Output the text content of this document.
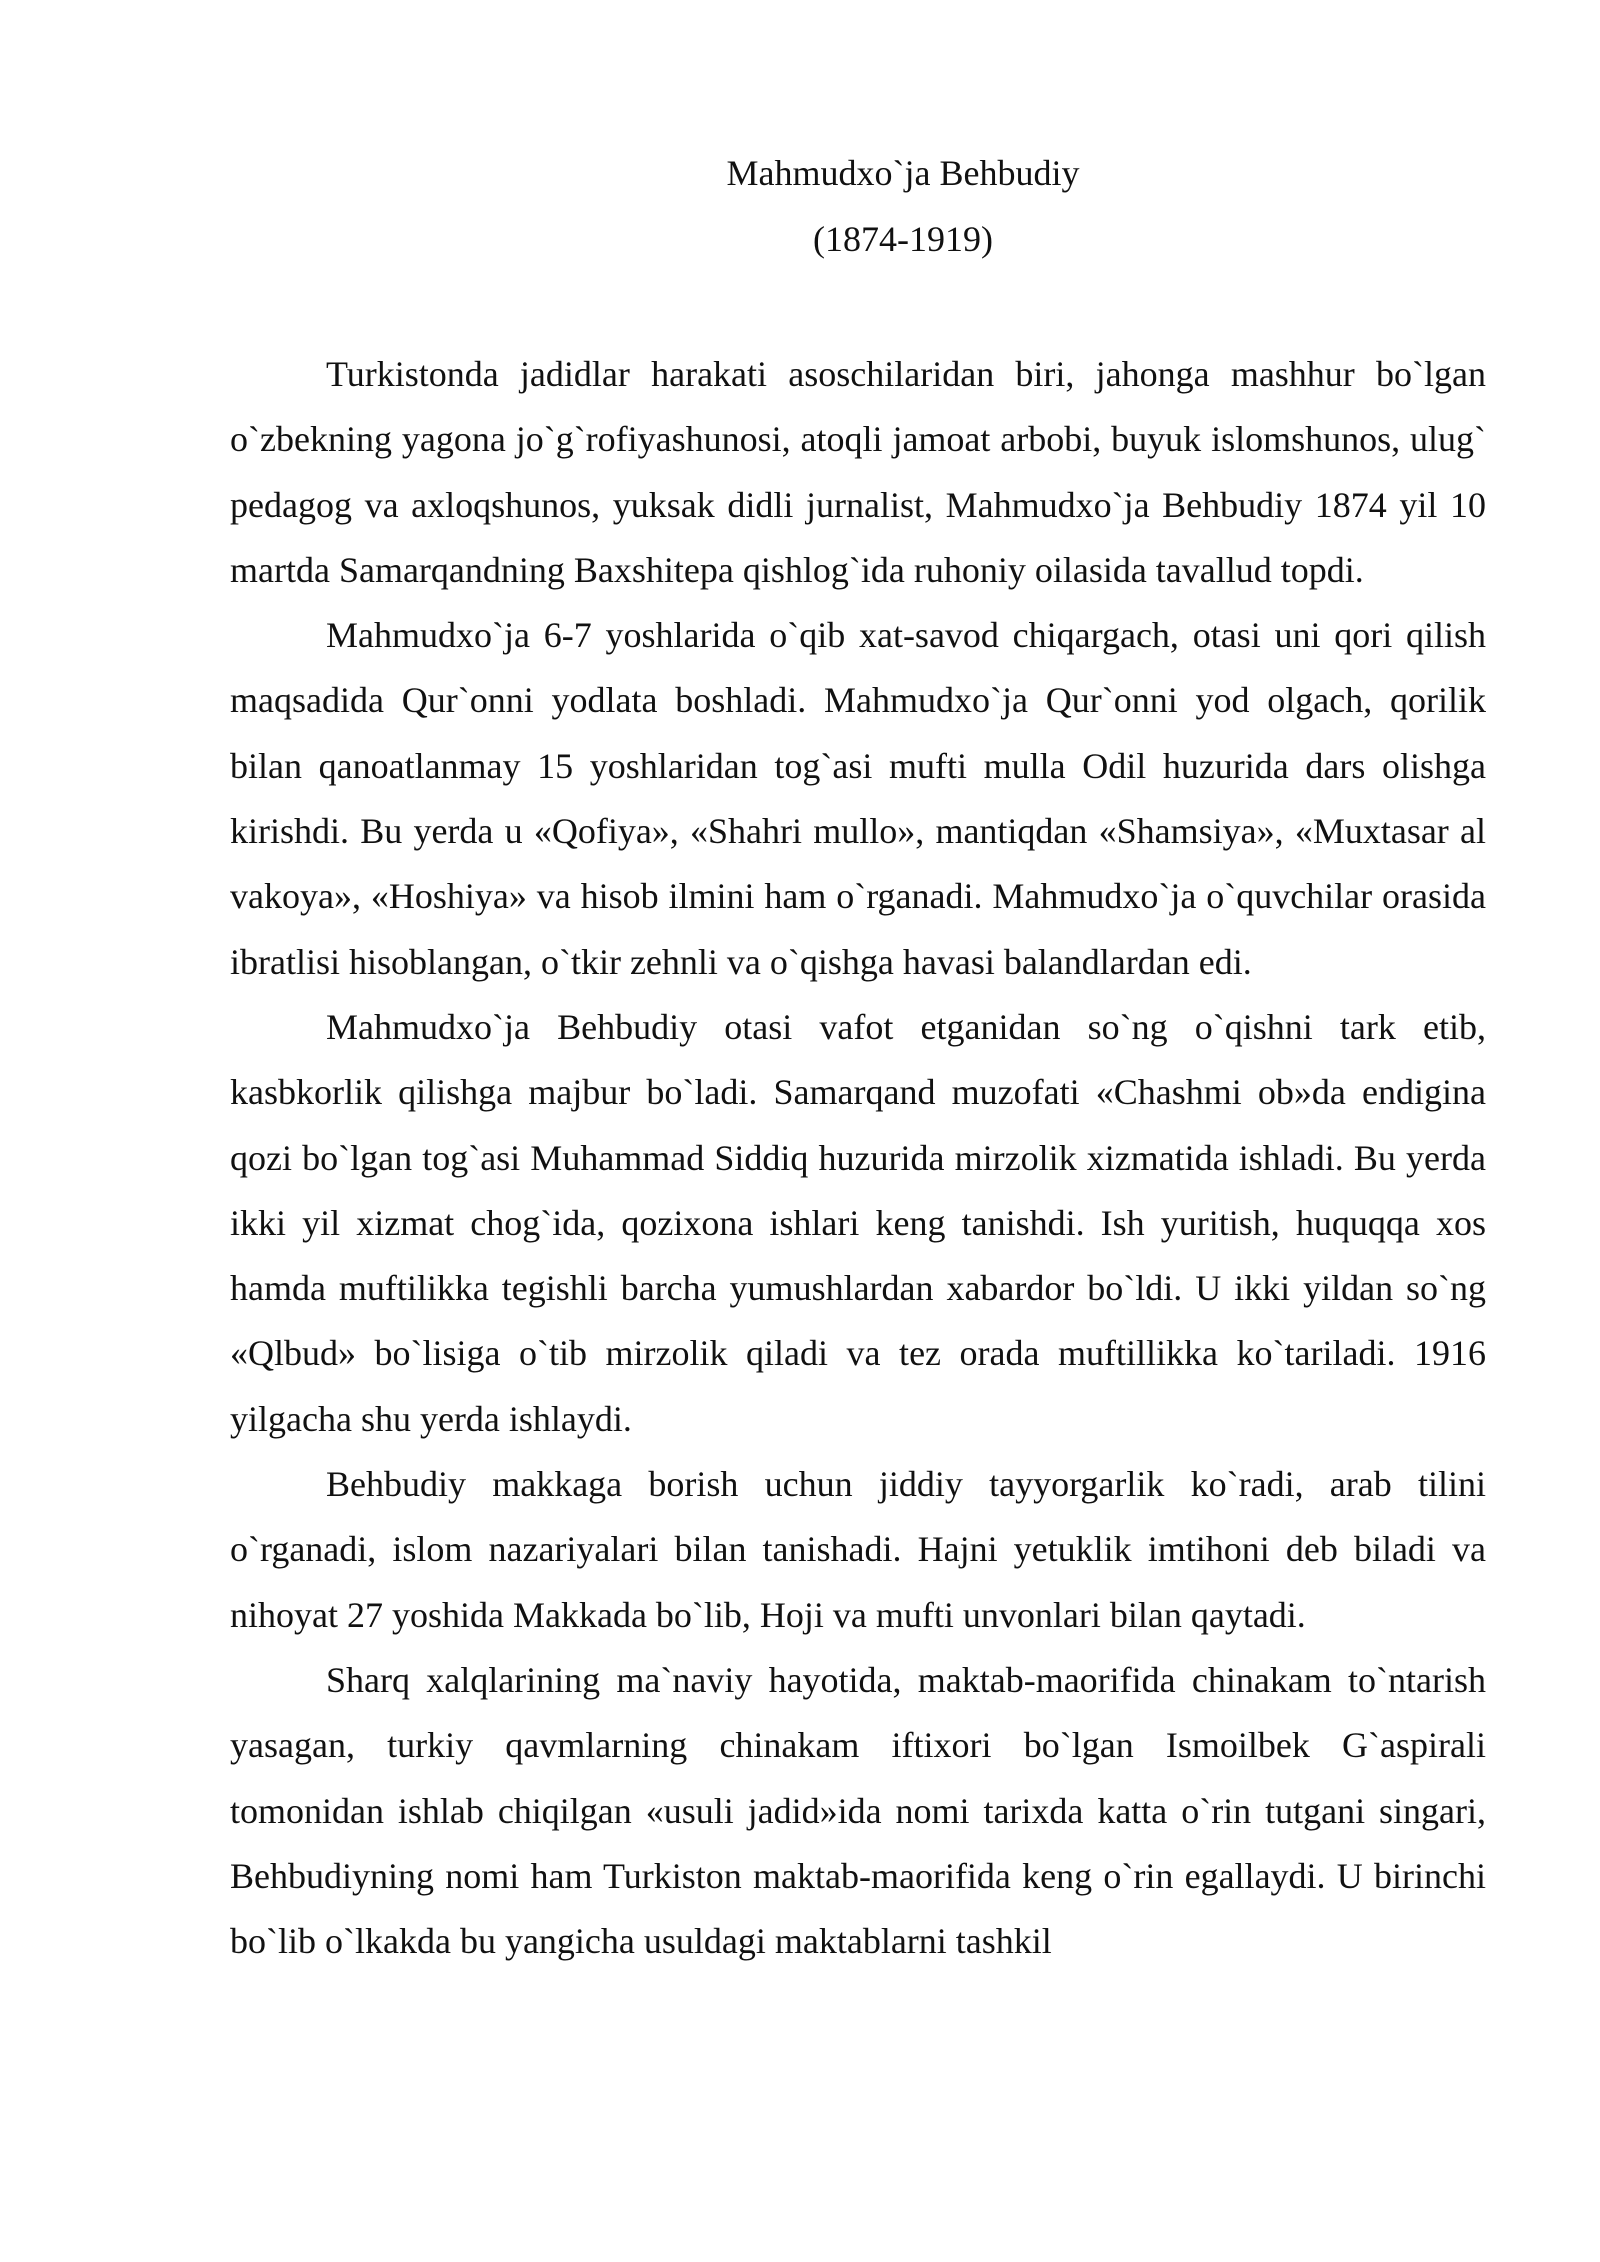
Mahmudxo`ja Behbudiy

(1874-1919)

Turkistonda jadidlar harakati asoschilaridan biri, jahonga mashhur bo`lgan o`zbekning yagona jo`g`rofiyashunosi, atoqli jamoat arbobi, buyuk islomshunos, ulug` pedagog va axloqshunos, yuksak didli jurnalist, Mahmudxo`ja Behbudiy 1874 yil 10 martda Samarqandning Baxshitepa qishlog`ida ruhoniy oilasida tavallud topdi.

Mahmudxo`ja 6-7 yoshlarida o`qib xat-savod chiqargach, otasi uni qori qilish maqsadida Qur`onni yodlata boshladi. Mahmudxo`ja Qur`onni yod olgach, qorilik bilan qanoatlanmay 15 yoshlaridan tog`asi mufti mulla Odil huzurida dars olishga kirishdi. Bu yerda u «Qofiya», «Shahri mullo», mantiqdan «Shamsiya», «Muxtasar al vakoya», «Hoshiya» va hisob ilmini ham o`rganadi. Mahmudxo`ja o`quvchilar orasida ibratlisi hisoblangan, o`tkir zehnli va o`qishga havasi balandlardan edi.

Mahmudxo`ja Behbudiy otasi vafot etganidan so`ng o`qishni tark etib, kasbkorlik qilishga majbur bo`ladi. Samarqand muzofati «Chashmi ob»da endigina qozi bo`lgan tog`asi Muhammad Siddiq huzurida mirzolik xizmatida ishladi. Bu yerda ikki yil xizmat chog`ida, qozixona ishlari keng tanishdi. Ish yuritish, huquqqa xos hamda muftilikka tegishli barcha yumushlardan xabardor bo`ldi. U ikki yildan so`ng «Qlbud» bo`lisiga o`tib mirzolik qiladi va tez orada muftillikka ko`tariladi. 1916 yilgacha shu yerda ishlaydi.

Behbudiy makkaga borish uchun jiddiy tayyorgarlik ko`radi, arab tilini o`rganadi, islom nazariyalari bilan tanishadi. Hajni yetuklik imtihoni deb biladi va nihoyat 27 yoshida Makkada bo`lib, Hoji va mufti unvonlari bilan qaytadi.

Sharq xalqlarining ma`naviy hayotida, maktab-maorifida chinakam to`ntarish yasagan, turkiy qavmlarning chinakam iftixori bo`lgan Ismoilbek G`aspirali tomonidan ishlab chiqilgan «usuli jadid»ida nomi tarixda katta o`rin tutgani singari, Behbudiyning nomi ham Turkiston maktab-maorifida keng o`rin egallaydi. U birinchi bo`lib o`lkakda bu yangicha usuldagi maktablarni tashkil
